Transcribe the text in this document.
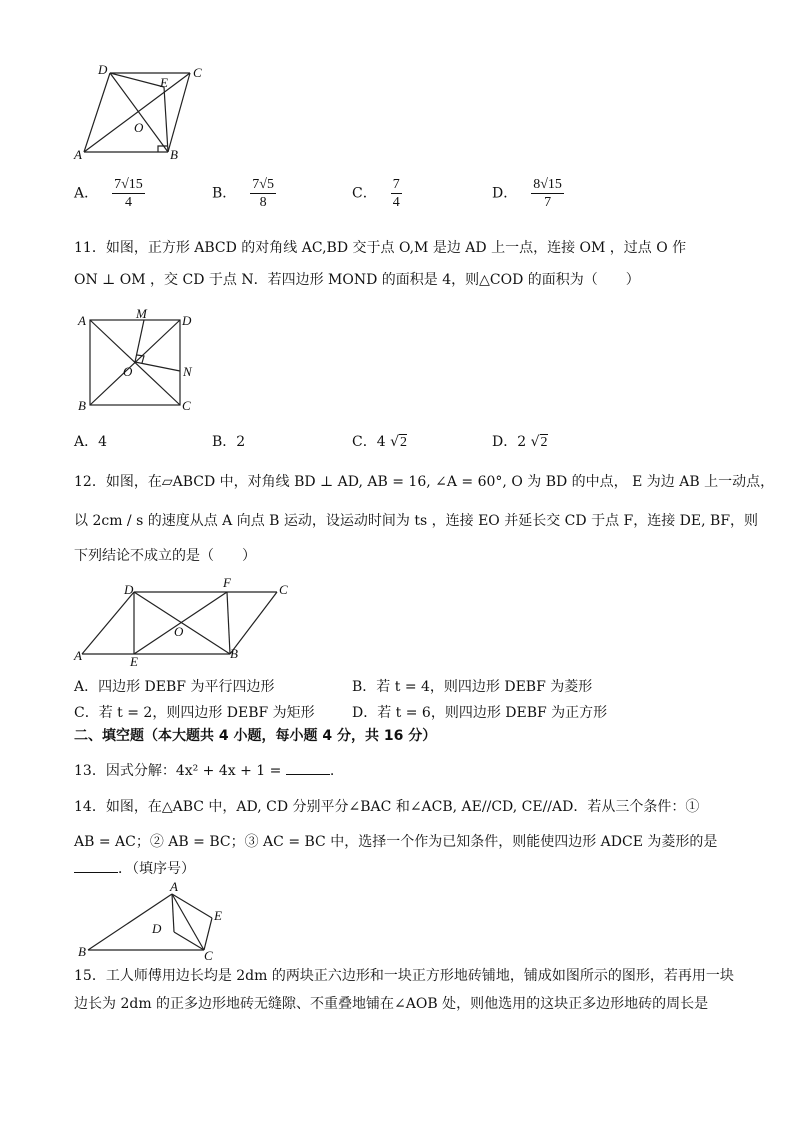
D	C
E
O
A	B
A． $\frac{7√15}{4}$	B． $\frac{7√5}{8}$	C． $\frac{7}{4}$	D． $\frac{8√15}{7}$
11．如图，正方形 ABCD 的对角线 AC,BD 交于点 O,M 是边 AD 上一点，连接 OM ，过点 O 作
ON ⊥ OM ，交 CD 于点 N．若四边形 MOND 的面积是 4，则△COD 的面积为（　　）
A	M	D
O	N
B	C
A．4	B．2	C．4 √2	D．2 √2
12．如图，在▱ABCD 中，对角线 BD ⊥ AD, AB = 16, ∠A = 60°, O 为 BD 的中点， E 为边 AB 上一动点，
以 2cm / s 的速度从点 A 向点 B 运动，设运动时间为 ts ，连接 EO 并延长交 CD 于点 F，连接 DE, BF，则
下列结论不成立的是（　　）
D	F	C
O
A	E
B
A．四边形 DEBF 为平行四边形	B．若 t = 4，则四边形 DEBF 为菱形
C．若 t = 2，则四边形 DEBF 为矩形	D．若 t = 6，则四边形 DEBF 为正方形
二、填空题（本大题共 4 小题，每小题 4 分，共 16 分）
13．因式分解：4x² + 4x + 1 =	.
14．如图，在△ABC 中，AD, CD 分别平分∠BAC 和∠ACB, AE//CD, CE//AD．若从三个条件：①
AB = AC；② AB = BC；③ AC = BC 中，选择一个作为已知条件，则能使四边形 ADCE 为菱形的是
．（填序号）
A
E
D
B	C
15．工人师傅用边长均是 2dm 的两块正六边形和一块正方形地砖铺地，铺成如图所示的图形，若再用一块
边长为 2dm 的正多边形地砖无缝隙、不重叠地铺在∠AOB 处，则他选用的这块正多边形地砖的周长是
